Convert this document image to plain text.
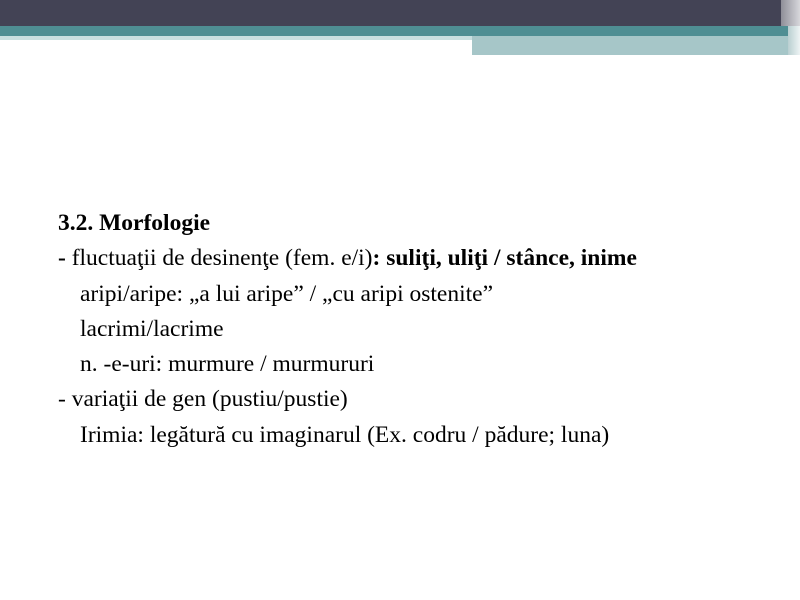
3.2. Morfologie

- fluctuaţii de desinenţe (fem. e/i): suliţi, uliţi / stânce, inime

aripi/aripe: „a lui aripe” / „cu aripi ostenite”

lacrimi/lacrime

n. -e-uri: murmure / murmururi

- variaţii de gen (pustiu/pustie)

Irimia: legătură cu imaginarul (Ex. codru / pădure; luna)
